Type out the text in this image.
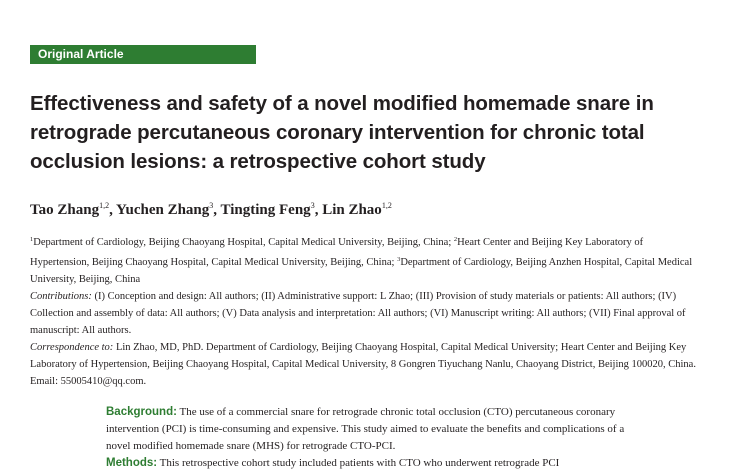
Original Article
Effectiveness and safety of a novel modified homemade snare in retrograde percutaneous coronary intervention for chronic total occlusion lesions: a retrospective cohort study
Tao Zhang$^{1,2}$, Yuchen Zhang$^3$, Tingting Feng$^3$, Lin Zhao$^{1,2}$

$^1$Department of Cardiology, Beijing Chaoyang Hospital, Capital Medical University, Beijing, China; $^2$Heart Center and Beijing Key Laboratory of Hypertension, Beijing Chaoyang Hospital, Capital Medical University, Beijing, China; $^3$Department of Cardiology, Beijing Anzhen Hospital, Capital Medical University, Beijing, China

Contributions: (I) Conception and design: All authors; (II) Administrative support: L Zhao; (III) Provision of study materials or patients: All authors; (IV) Collection and assembly of data: All authors; (V) Data analysis and interpretation: All authors; (VI) Manuscript writing: All authors; (VII) Final approval of manuscript: All authors.

Correspondence to: Lin Zhao, MD, PhD. Department of Cardiology, Beijing Chaoyang Hospital, Capital Medical University; Heart Center and Beijing Key Laboratory of Hypertension, Beijing Chaoyang Hospital, Capital Medical University, 8 Gongren Tiyuchang Nanlu, Chaoyang District, Beijing 100020, China. Email: 55005410@qq.com.

Background: The use of a commercial snare for retrograde chronic total occlusion (CTO) percutaneous coronary intervention (PCI) is time-consuming and expensive. This study aimed to evaluate the benefits and complications of a novel modified homemade snare (MHS) for retrograde CTO-PCI.

Methods: This retrospective cohort study included patients with CTO who underwent retrograde PCI
